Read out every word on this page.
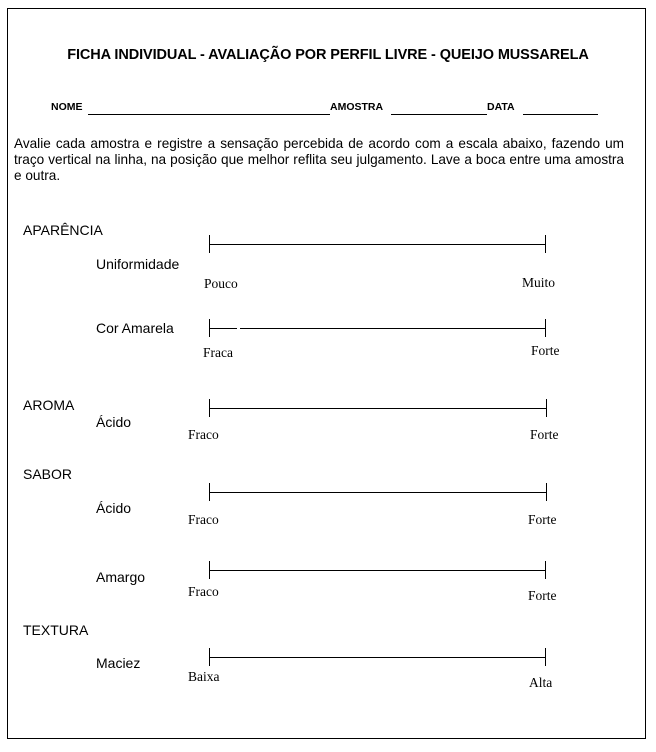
FICHA INDIVIDUAL - AVALIAÇÃO POR PERFIL LIVRE - QUEIJO MUSSARELA
NOME	AMOSTRA	DATA
Avalie cada amostra e registre a sensação percebida de acordo com a escala abaixo, fazendo um traço vertical na linha, na posição que melhor reflita seu julgamento. Lave a boca entre uma amostra e outra.
APARÊNCIA
Uniformidade
Pouco	Muito
Cor Amarela
Fraca	Forte
AROMA
Ácido
Fraco	Forte
SABOR
Ácido
Fraco	Forte
Amargo
Fraco	Forte
TEXTURA
Maciez
Baixa	Alta
